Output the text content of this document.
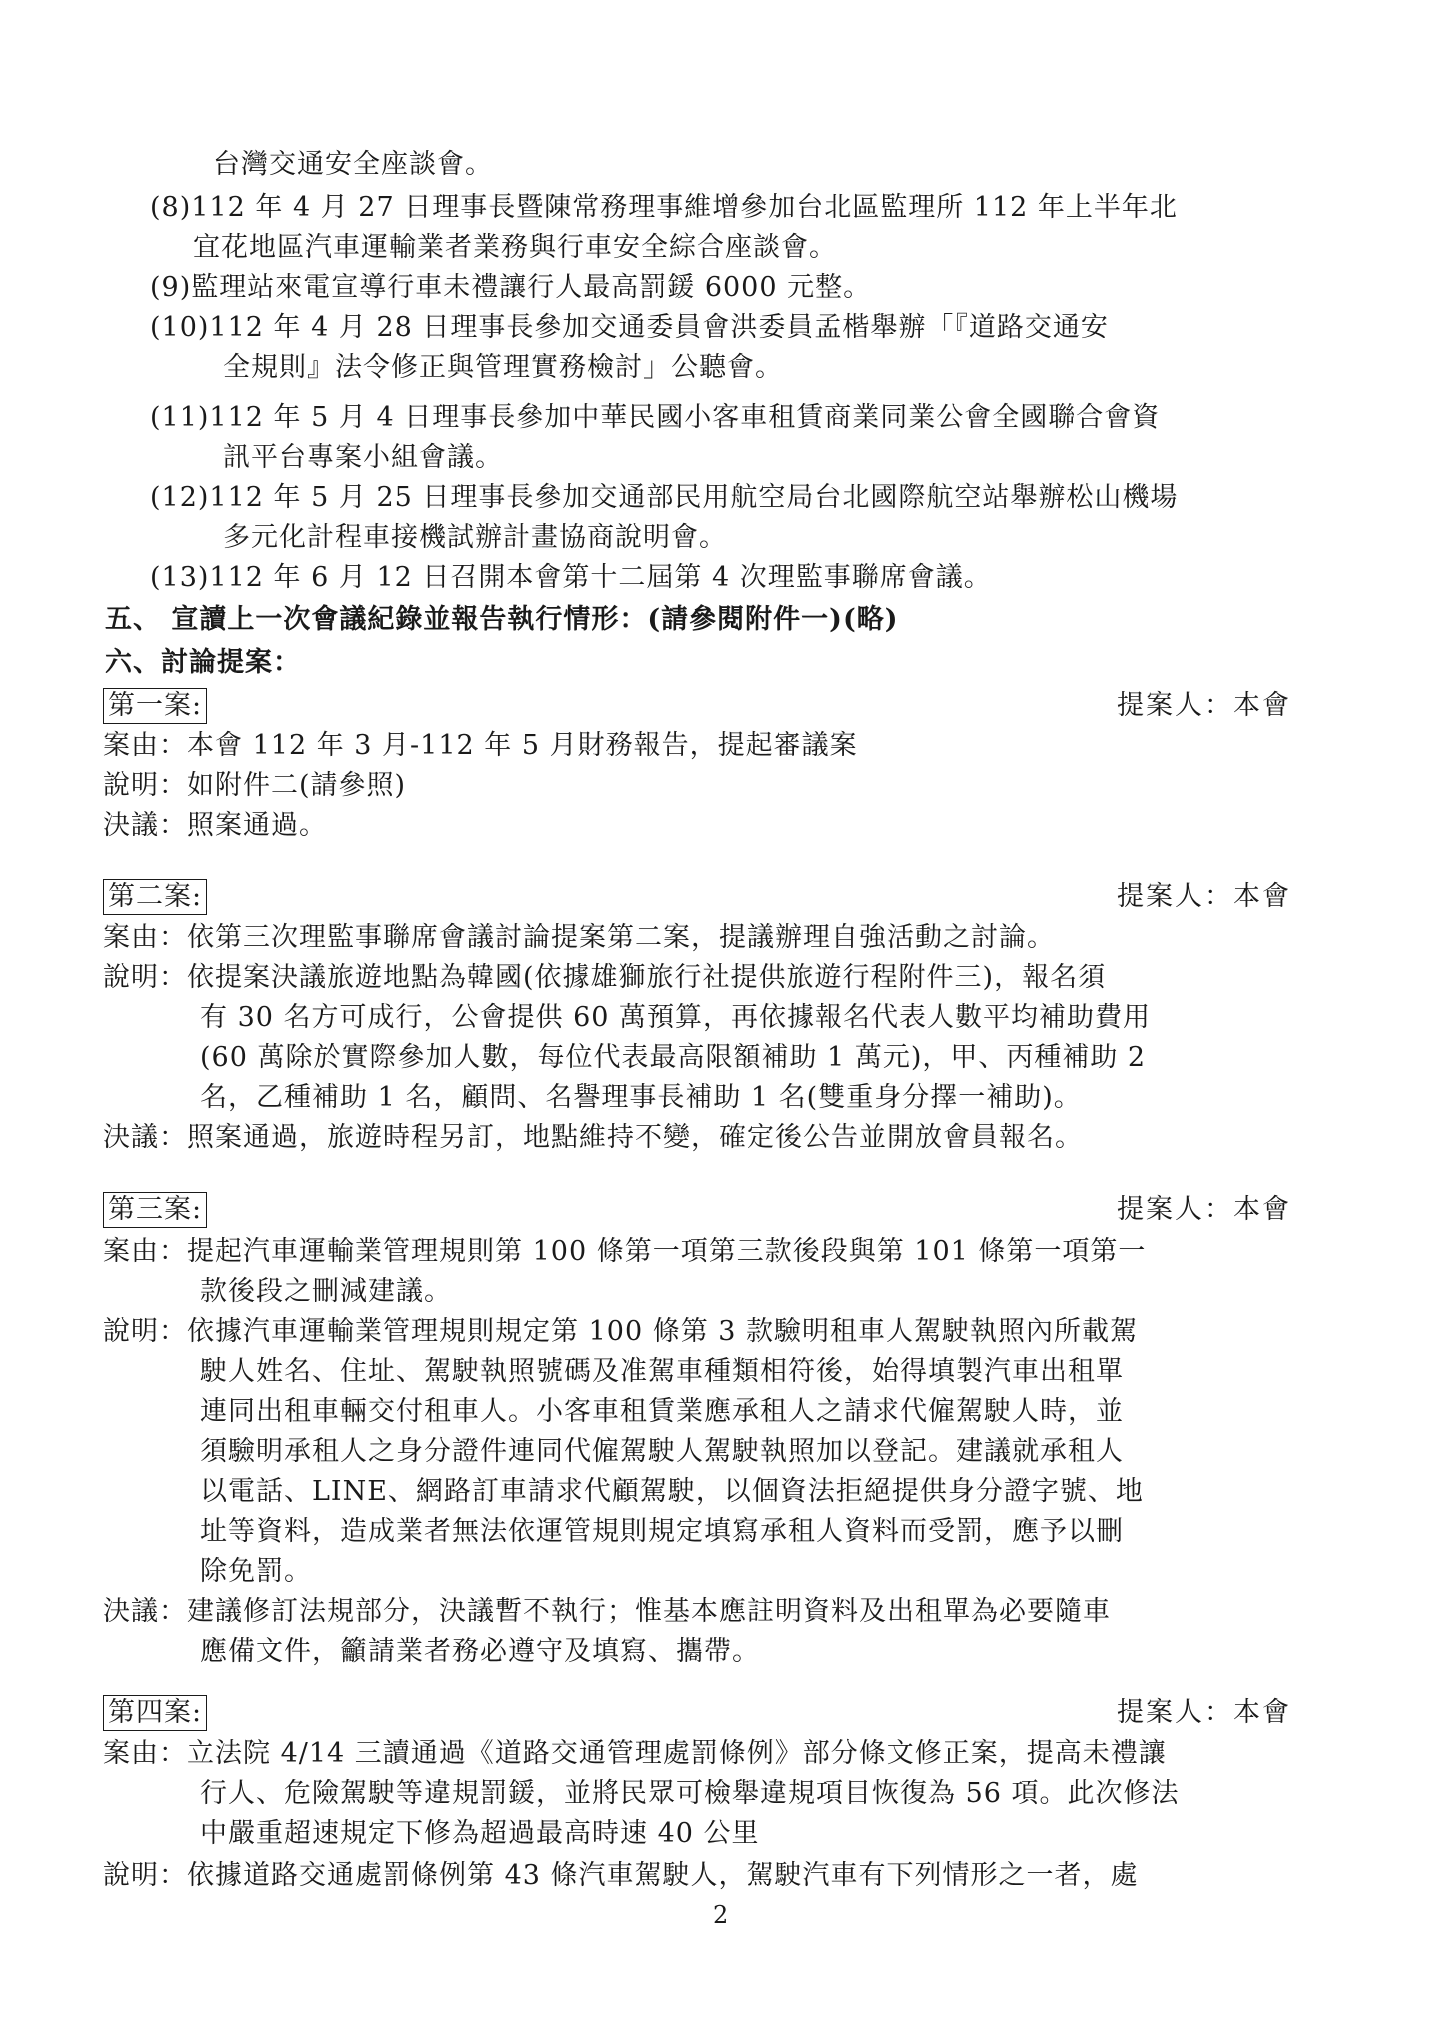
台灣交通安全座談會。
(8)112 年 4 月 27 日理事長暨陳常務理事維增參加台北區監理所 112 年上半年北
宜花地區汽車運輸業者業務與行車安全綜合座談會。
(9)監理站來電宣導行車未禮讓行人最高罰鍰 6000 元整。
(10)112 年 4 月 28 日理事長參加交通委員會洪委員孟楷舉辦「『道路交通安
全規則』法令修正與管理實務檢討」公聽會。
(11)112 年 5 月 4 日理事長參加中華民國小客車租賃商業同業公會全國聯合會資
訊平台專案小組會議。
(12)112 年 5 月 25 日理事長參加交通部民用航空局台北國際航空站舉辦松山機場
多元化計程車接機試辦計畫協商說明會。
(13)112 年 6 月 12 日召開本會第十二屆第 4 次理監事聯席會議。
五、 宣讀上一次會議紀錄並報告執行情形：(請參閱附件一)(略)
六、討論提案：
第一案:	提案人：本會
案由：本會 112 年 3 月-112 年 5 月財務報告，提起審議案
說明：如附件二(請參照)
決議：照案通過。
第二案:	提案人：本會
案由：依第三次理監事聯席會議討論提案第二案，提議辦理自強活動之討論。
說明：依提案決議旅遊地點為韓國(依據雄獅旅行社提供旅遊行程附件三)，報名須
有 30 名方可成行，公會提供 60 萬預算，再依據報名代表人數平均補助費用
(60 萬除於實際參加人數，每位代表最高限額補助 1 萬元)，甲、丙種補助 2
名，乙種補助 1 名，顧問、名譽理事長補助 1 名(雙重身分擇一補助)。
決議：照案通過，旅遊時程另訂，地點維持不變，確定後公告並開放會員報名。
第三案:	提案人：本會
案由：提起汽車運輸業管理規則第 100 條第一項第三款後段與第 101 條第一項第一
款後段之刪減建議。
說明：依據汽車運輸業管理規則規定第 100 條第 3 款驗明租車人駕駛執照內所載駕
駛人姓名、住址、駕駛執照號碼及准駕車種類相符後，始得填製汽車出租單
連同出租車輛交付租車人。小客車租賃業應承租人之請求代僱駕駛人時，並
須驗明承租人之身分證件連同代僱駕駛人駕駛執照加以登記。建議就承租人
以電話、LINE、網路訂車請求代顧駕駛，以個資法拒絕提供身分證字號、地
址等資料，造成業者無法依運管規則規定填寫承租人資料而受罰，應予以刪
除免罰。
決議：建議修訂法規部分，決議暫不執行；惟基本應註明資料及出租單為必要隨車
應備文件，籲請業者務必遵守及填寫、攜帶。
第四案:	提案人：本會
案由：立法院 4/14 三讀通過《道路交通管理處罰條例》部分條文修正案，提高未禮讓
行人、危險駕駛等違規罰鍰，並將民眾可檢舉違規項目恢復為 56 項。此次修法
中嚴重超速規定下修為超過最高時速 40 公里
說明：依據道路交通處罰條例第 43 條汽車駕駛人，駕駛汽車有下列情形之一者，處
2
